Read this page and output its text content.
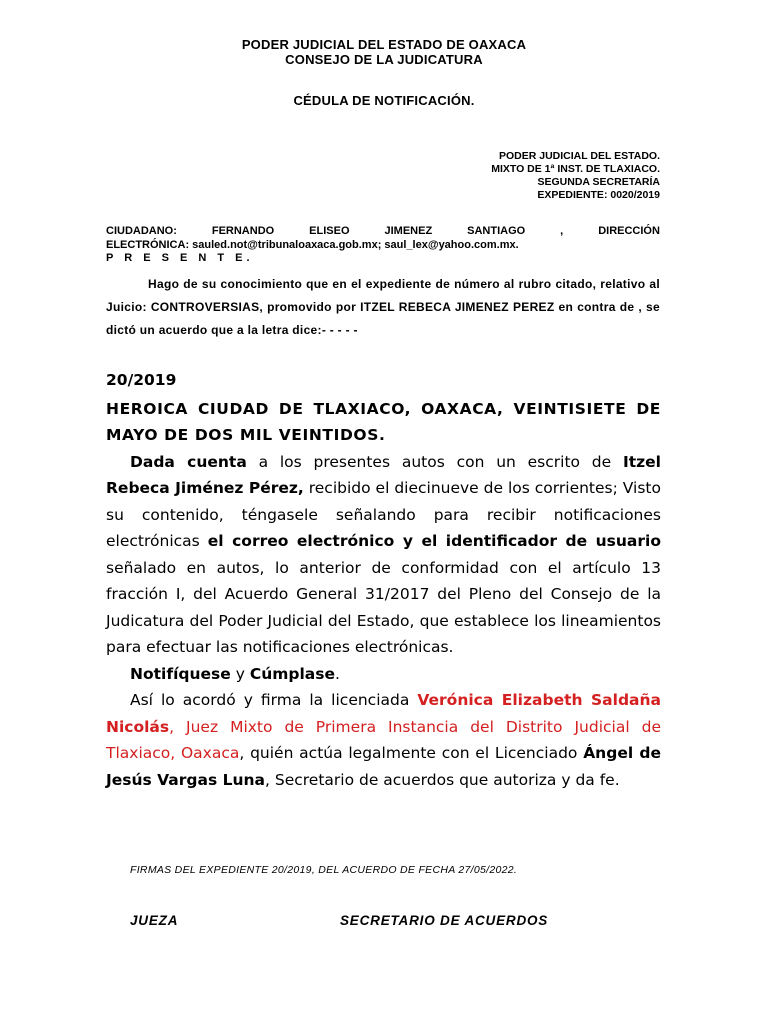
PODER JUDICIAL DEL ESTADO DE OAXACA
CONSEJO DE LA JUDICATURA
CÉDULA DE NOTIFICACIÓN.
PODER JUDICIAL DEL ESTADO.
MIXTO DE 1ª INST. DE TLAXIACO.
SEGUNDA SECRETARÍA
EXPEDIENTE: 0020/2019
CIUDADANO:	FERNANDO	ELISEO	JIMENEZ	SANTIAGO	,	DIRECCIÓN
ELECTRÓNICA: sauled.not@tribunaloaxaca.gob.mx; saul_lex@yahoo.com.mx.
P R E S E N T E.

Hago de su conocimiento que en el expediente de número al rubro citado, relativo al Juicio: CONTROVERSIAS, promovido por ITZEL REBECA JIMENEZ PEREZ en contra de , se dictó un acuerdo que a la letra dice:- - - - -

20/2019

HEROICA CIUDAD DE TLAXIACO, OAXACA, VEINTISIETE DE MAYO DE DOS MIL VEINTIDOS.

Dada cuenta a los presentes autos con un escrito de Itzel Rebeca Jiménez Pérez, recibido el diecinueve de los corrientes; Visto su contenido, téngasele señalando para recibir notificaciones electrónicas el correo electrónico y el identificador de usuario señalado en autos, lo anterior de conformidad con el artículo 13 fracción I, del Acuerdo General 31/2017 del Pleno del Consejo de la Judicatura del Poder Judicial del Estado, que establece los lineamientos para efectuar las notificaciones electrónicas.

Notifíquese y Cúmplase.

Así lo acordó y firma la licenciada Verónica Elizabeth Saldaña Nicolás, Juez Mixto de Primera Instancia del Distrito Judicial de Tlaxiaco, Oaxaca, quién actúa legalmente con el Licenciado Ángel de Jesús Vargas Luna, Secretario de acuerdos que autoriza y da fe.

FIRMAS DEL EXPEDIENTE 20/2019, DEL ACUERDO DE FECHA 27/05/2022.
JUEZA	SECRETARIO DE ACUERDOS
